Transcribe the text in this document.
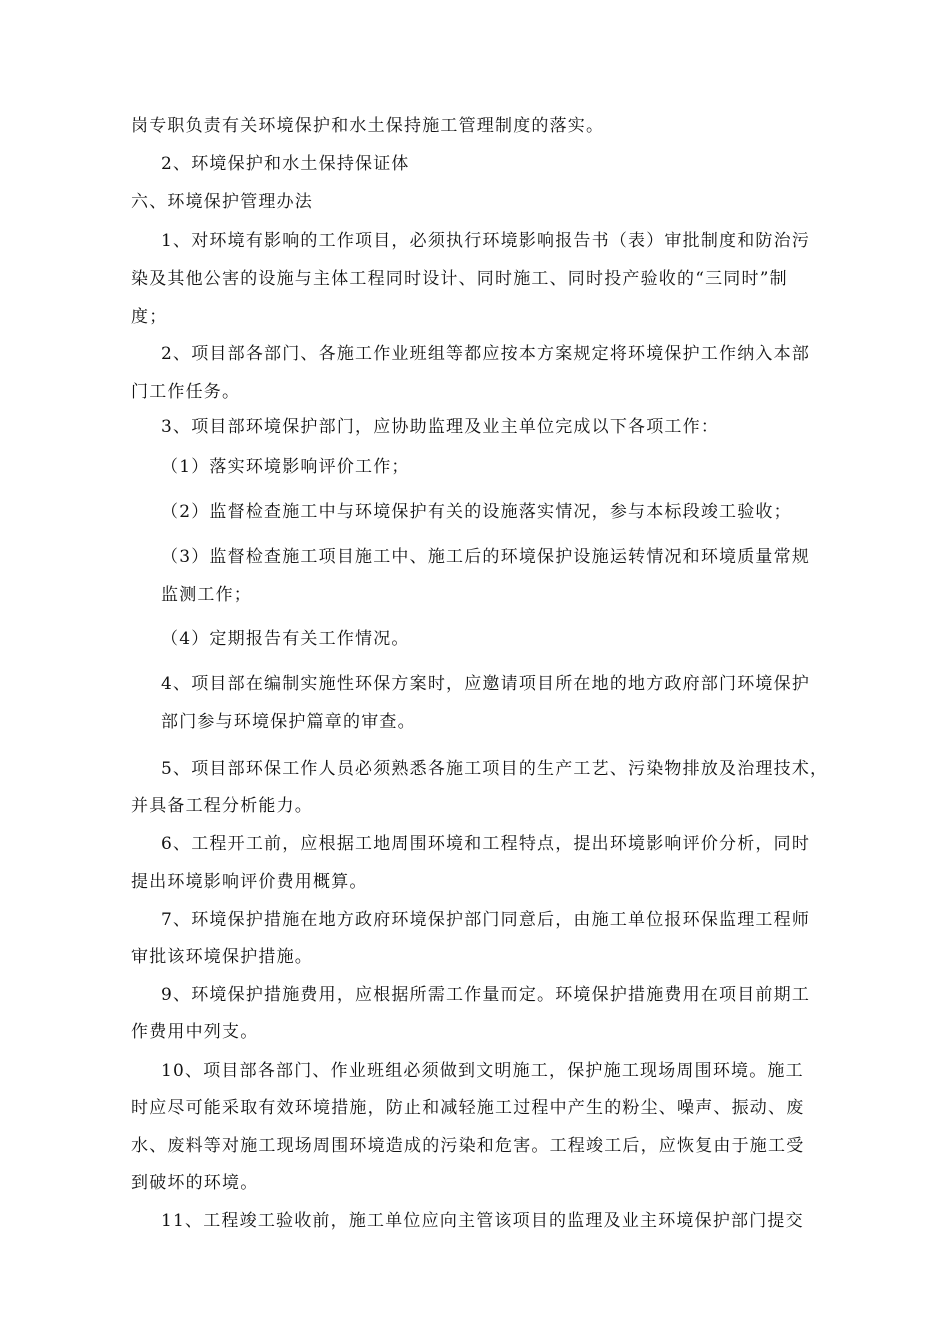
岗专职负责有关环境保护和水土保持施工管理制度的落实。
2、环境保护和水土保持保证体
六、环境保护管理办法
1、对环境有影响的工作项目，必须执行环境影响报告书（表）审批制度和防治污
染及其他公害的设施与主体工程同时设计、同时施工、同时投产验收的“三同时”制
度；
2、项目部各部门、各施工作业班组等都应按本方案规定将环境保护工作纳入本部
门工作任务。
3、项目部环境保护部门，应协助监理及业主单位完成以下各项工作：
（1）落实环境影响评价工作；
（2）监督检查施工中与环境保护有关的设施落实情况，参与本标段竣工验收；
（3）监督检查施工项目施工中、施工后的环境保护设施运转情况和环境质量常规
监测工作；
（4）定期报告有关工作情况。
4、项目部在编制实施性环保方案时，应邀请项目所在地的地方政府部门环境保护
部门参与环境保护篇章的审查。
5、项目部环保工作人员必须熟悉各施工项目的生产工艺、污染物排放及治理技术，
并具备工程分析能力。
6、工程开工前，应根据工地周围环境和工程特点，提出环境影响评价分析，同时
提出环境影响评价费用概算。
7、环境保护措施在地方政府环境保护部门同意后，由施工单位报环保监理工程师
审批该环境保护措施。
9、环境保护措施费用，应根据所需工作量而定。环境保护措施费用在项目前期工
作费用中列支。
10、项目部各部门、作业班组必须做到文明施工，保护施工现场周围环境。施工
时应尽可能采取有效环境措施，防止和减轻施工过程中产生的粉尘、噪声、振动、废
水、废料等对施工现场周围环境造成的污染和危害。工程竣工后，应恢复由于施工受
到破坏的环境。
11、工程竣工验收前，施工单位应向主管该项目的监理及业主环境保护部门提交
